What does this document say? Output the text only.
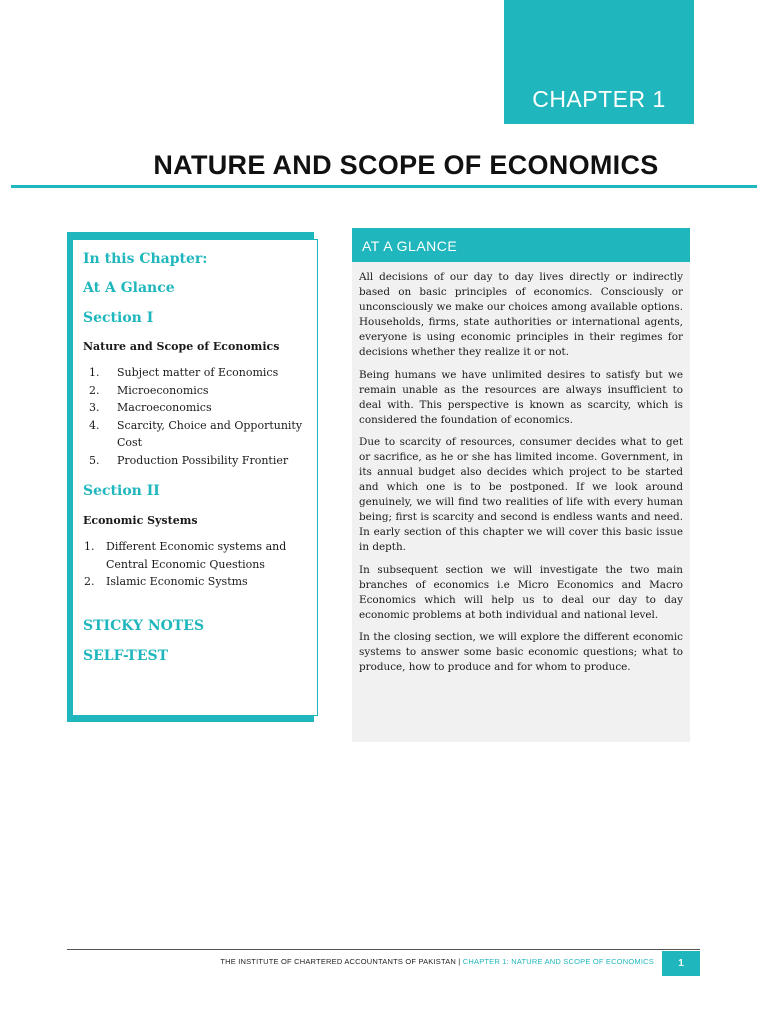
CHAPTER 1
NATURE AND SCOPE OF ECONOMICS
In this Chapter:
At A Glance
Section I
Nature and Scope of Economics
1. Subject matter of Economics
2. Microeconomics
3. Macroeconomics
4. Scarcity, Choice and Opportunity
Cost
5. Production Possibility Frontier
Section II
Economic Systems
1. Different Economic systems and
Central Economic Questions
2. Islamic Economic Systms
STICKY NOTES
SELF-TEST
AT A GLANCE

All decisions of our day to day lives directly or indirectly based on basic principles of economics. Consciously or unconsciously we make our choices among available options. Households, firms, state authorities or international agents, everyone is using economic principles in their regimes for decisions whether they realize it or not.

Being humans we have unlimited desires to satisfy but we remain unable as the resources are always insufficient to deal with. This perspective is known as scarcity, which is considered the foundation of economics.

Due to scarcity of resources, consumer decides what to get or sacrifice, as he or she has limited income. Government, in its annual budget also decides which project to be started and which one is to be postponed. If we look around genuinely, we will find two realities of life with every human being; first is scarcity and second is endless wants and need. In early section of this chapter we will cover this basic issue in depth.

In subsequent section we will investigate the two main branches of economics i.e Micro Economics and Macro Economics which will help us to deal our day to day economic problems at both individual and national level.

In the closing section, we will explore the different economic systems to answer some basic economic questions; what to produce, how to produce and for whom to produce.

THE INSTITUTE OF CHARTERED ACCOUNTANTS OF PAKISTAN | CHAPTER 1: NATURE AND SCOPE OF ECONOMICS	1
